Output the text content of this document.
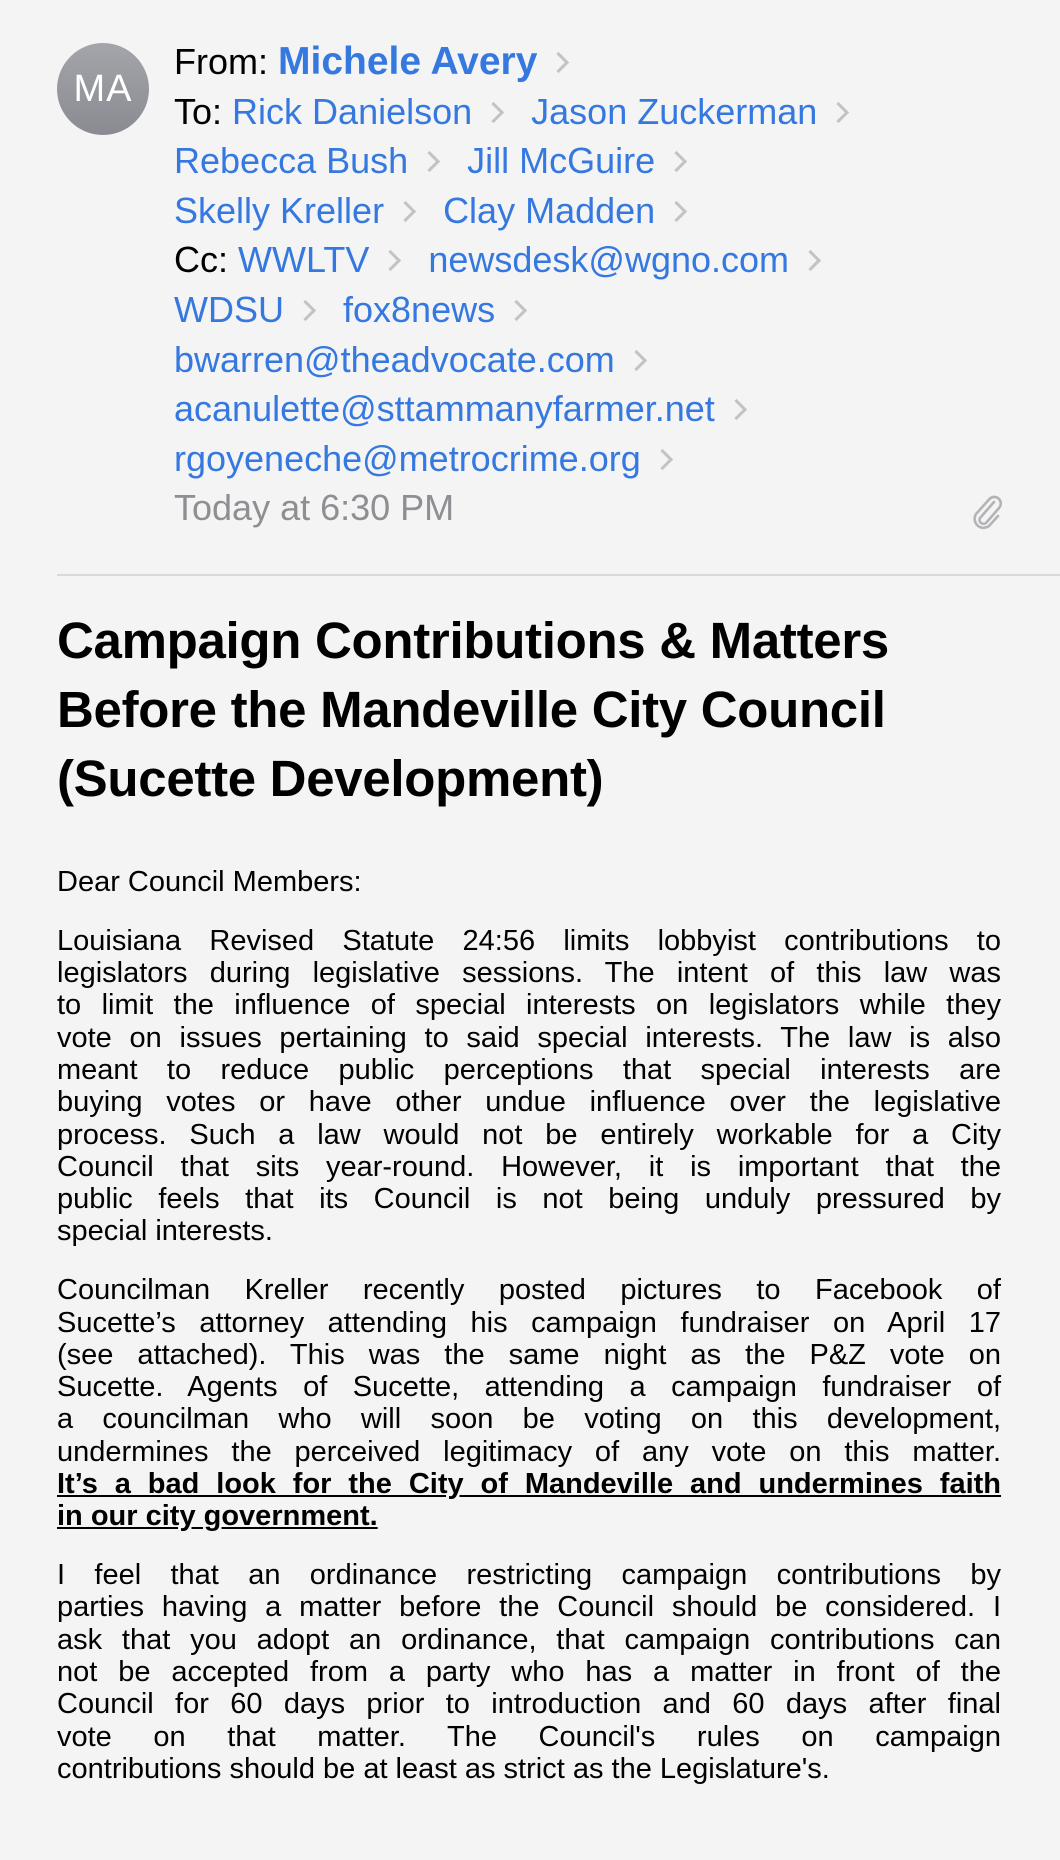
MA
From: Michele Avery
To: Rick Danielson Jason Zuckerman
Rebecca Bush Jill McGuire
Skelly Kreller Clay Madden
Cc: WWLTV newsdesk@wgno.com
WDSU fox8news
bwarren@theadvocate.com
acanulette@sttammanyfarmer.net
rgoyeneche@metrocrime.org
Today at 6:30 PM
Campaign Contributions & Matters
Before the Mandeville City Council
(Sucette Development)
Dear Council Members:
Louisiana Revised Statute 24:56 limits lobbyist contributions to
legislators during legislative sessions. The intent of this law was
to limit the influence of special interests on legislators while they
vote on issues pertaining to said special interests. The law is also
meant to reduce public perceptions that special interests are
buying votes or have other undue influence over the legislative
process. Such a law would not be entirely workable for a City
Council that sits year-round. However, it is important that the
public feels that its Council is not being unduly pressured by
special interests.
Councilman Kreller recently posted pictures to Facebook of
Sucette’s attorney attending his campaign fundraiser on April 17
(see attached). This was the same night as the P&Z vote on
Sucette. Agents of Sucette, attending a campaign fundraiser of
a councilman who will soon be voting on this development,
undermines the perceived legitimacy of any vote on this matter.
It’s a bad look for the City of Mandeville and undermines faith
in our city government.
I feel that an ordinance restricting campaign contributions by
parties having a matter before the Council should be considered. I
ask that you adopt an ordinance, that campaign contributions can
not be accepted from a party who has a matter in front of the
Council for 60 days prior to introduction and 60 days after final
vote on that matter. The Council's rules on campaign
contributions should be at least as strict as the Legislature's.
